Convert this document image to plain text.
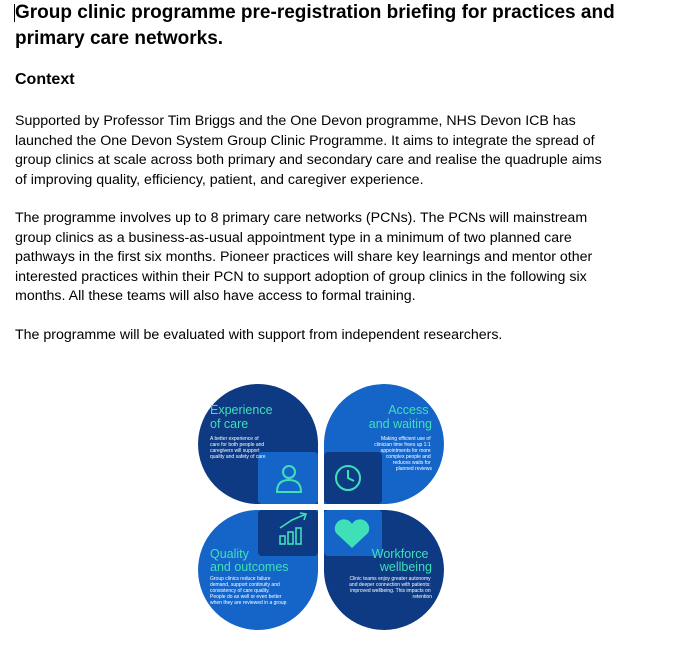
Group clinic programme pre-registration briefing for practices and
primary care networks.
Context

Supported by Professor Tim Briggs and the One Devon programme, NHS Devon ICB has
launched the One Devon System Group Clinic Programme. It aims to integrate the spread of
group clinics at scale across both primary and secondary care and realise the quadruple aims
of improving quality, efficiency, patient, and caregiver experience.

The programme involves up to 8 primary care networks (PCNs). The PCNs will mainstream
group clinics as a business-as-usual appointment type in a minimum of two planned care
pathways in the first six months. Pioneer practices will share key learnings and mentor other
interested practices within their PCN to support adoption of group clinics in the following six
months. All these teams will also have access to formal training.

The programme will be evaluated with support from independent researchers.

Experience of care
A better experience of care for both people and caregivers will support quality and safety of care
Access and waiting
Making efficient use of clinician time frees up 1:1 appointments for more complex people and reduces waits for planned reviews
Quality and outcomes
Group clinics reduce failure demand, support continuity and consistency of care quality. People do as well or even better when they are reviewed in a group
Workforce wellbeing
Clinic teams enjoy greater autonomy and deeper connection with patients: improved wellbeing. This impacts on retention
